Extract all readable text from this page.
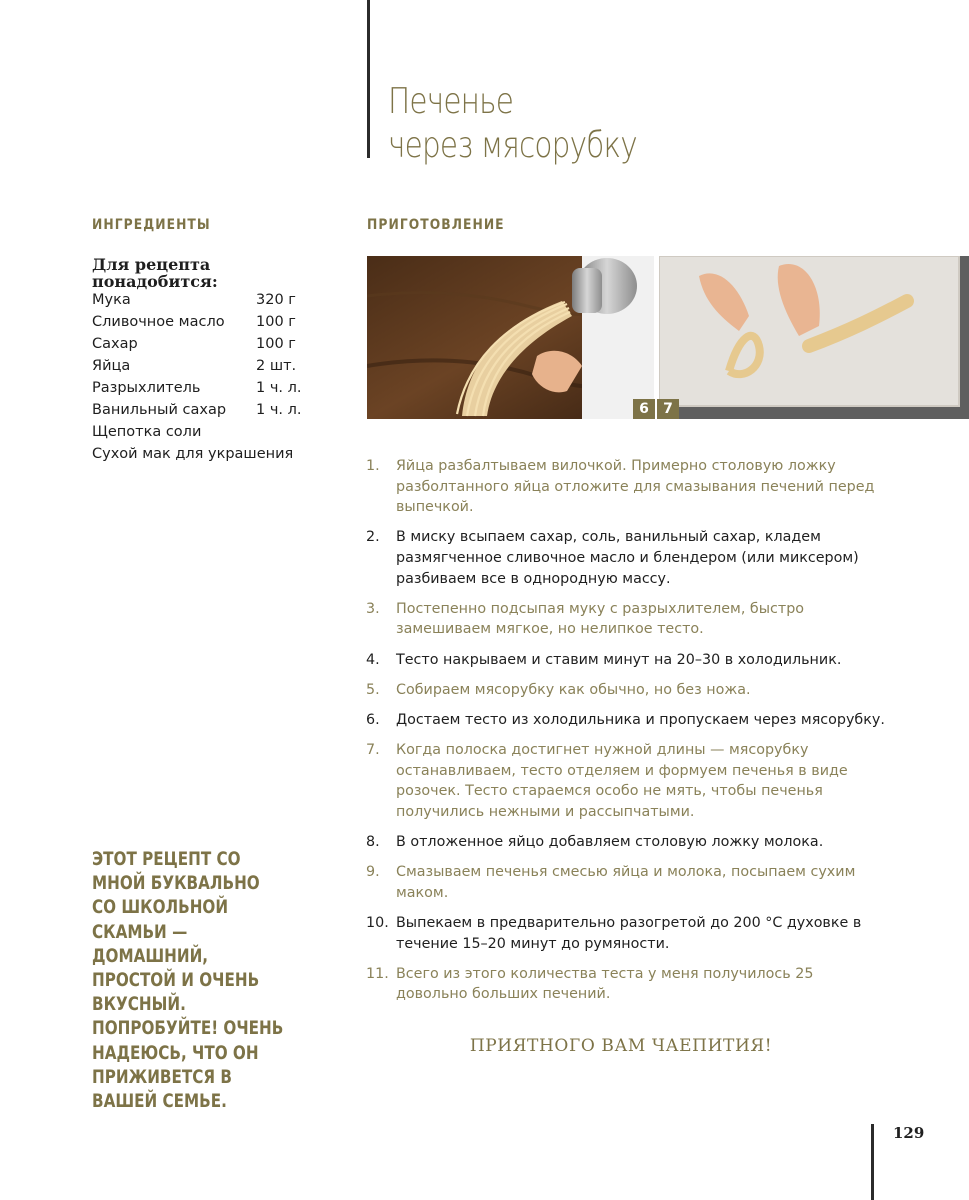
Печенье
через мясорубку
ИНГРЕДИЕНТЫ

Для рецепта понадобится:

Мука	320 г
Сливочное масло	100 г
Сахар	100 г
Яйца	2 шт.
Разрыхлитель	1 ч. л.
Ванильный сахар	1 ч. л.
Щепотка соли	
Сухой мак для украшения	

ЭТОТ РЕЦЕПТ СО МНОЙ БУКВАЛЬНО СО ШКОЛЬНОЙ СКАМЬИ — ДОМАШНИЙ, ПРОСТОЙ И ОЧЕНЬ ВКУСНЫЙ. ПОПРОБУЙТЕ! ОЧЕНЬ НАДЕЮСЬ, ЧТО ОН ПРИЖИВЕТСЯ В ВАШЕЙ СЕМЬЕ.

ПРИГОТОВЛЕНИЕ
6	7
1. Яйца разбалтываем вилочкой. Примерно столовую ложку разболтанного яйца отложите для смазывания печений перед выпечкой.
2. В миску всыпаем сахар, соль, ванильный сахар, кладем размягченное сливочное масло и блендером (или миксером) разбиваем все в однородную массу.
3. Постепенно подсыпая муку с разрыхлителем, быстро замешиваем мягкое, но нелипкое тесто.
4. Тесто накрываем и ставим минут на 20–30 в холодильник.
5. Собираем мясорубку как обычно, но без ножа.
6. Достаем тесто из холодильника и пропускаем через мясорубку.
7. Когда полоска достигнет нужной длины — мясорубку останавливаем, тесто отделяем и формуем печенья в виде розочек. Тесто стараемся особо не мять, чтобы печенья получились нежными и рассыпчатыми.
8. В отложенное яйцо добавляем столовую ложку молока.
9. Смазываем печенья смесью яйца и молока, посыпаем сухим маком.
10. Выпекаем в предварительно разогретой до 200 °С духовке в течение 15–20 минут до румяности.
11. Всего из этого количества теста у меня получилось 25 довольно больших печений.

ПРИЯТНОГО ВАМ ЧАЕПИТИЯ!

129
